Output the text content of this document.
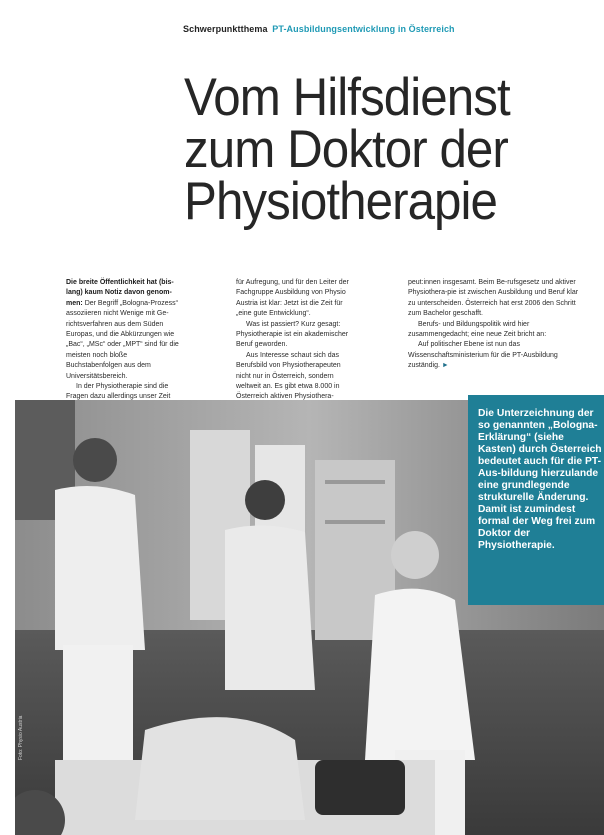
Schwerpunktthema PT-Ausbildungsentwicklung in Österreich
Vom Hilfsdienst
zum Doktor der
Physiotherapie

Die breite Öffentlichkeit hat (bis-lang) kaum Notiz davon genom-men: Der Begriff „Bologna-Prozess“ assoziieren nicht Wenige mit Ge-richtsverfahren aus dem Süden Europas, und die Abkürzungen wie „Bac“, „MSc“ oder „MPT“ sind für die meisten noch bloße Buchstabenfolgen aus dem Universitätsbereich.

In der Physiotherapie sind die Fragen dazu allerdings unser Zeit

für Aufregung, und für den Leiter der Fachgruppe Ausbildung von Physio Austria ist klar: Jetzt ist die Zeit für „eine gute Entwicklung“.

Was ist passiert? Kurz gesagt: Physiotherapie ist ein akademischer Beruf geworden.

Aus Interesse schaut sich das Berufsbild von Physiotherapeuten nicht nur in Österreich, sondern weltweit an. Es gibt etwa 8.000 in Österreich aktiven Physiothera-

peut:innen insgesamt. Beim Be-rufsgesetz und aktiver Physiothera-pie ist zwischen Ausbildung und Beruf klar zu unterscheiden. Österreich hat erst 2006 den Schritt zum Bachelor geschafft.

Berufs- und Bildungspolitik wird hier zusammengedacht; eine neue Zeit bricht an:

Auf politischer Ebene ist nun das Wissenschaftsministerium für die PT-Ausbildung zuständig. ►

Die Unterzeichnung der so genannten „Bologna-Erklärung“ (siehe Kasten) durch Österreich bedeutet auch für die PT-Aus-bildung hierzulande eine grundlegende strukturelle Änderung. Damit ist zumindest formal der Weg frei zum Doktor der Physiotherapie.
Foto: Physio Austria
